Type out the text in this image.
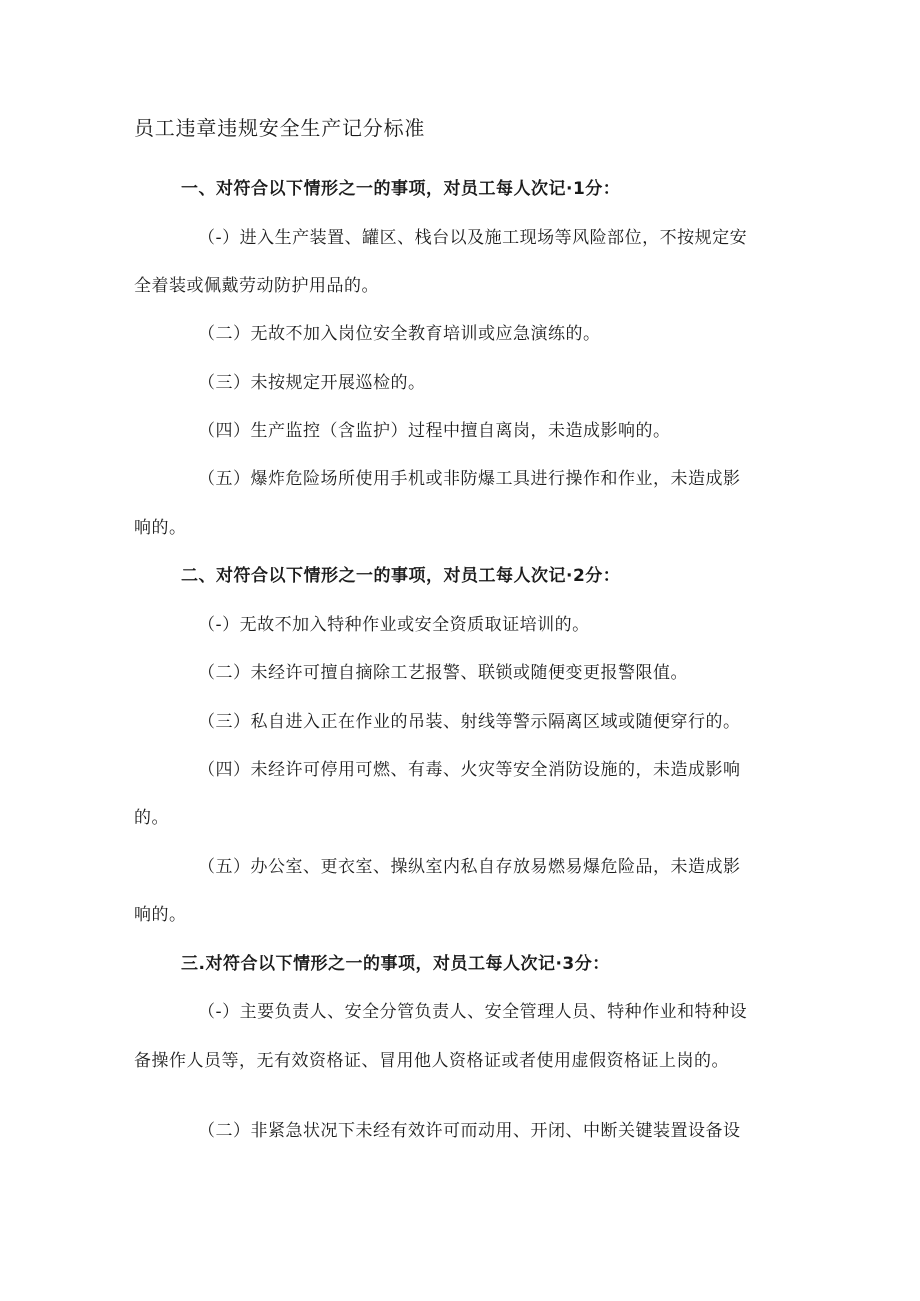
员工违章违规安全生产记分标准
一、对符合以下情形之一的事项，对员工每人次记·1分：
（-）进入生产装置、罐区、栈台以及施工现场等风险部位，不按规定安
全着装或佩戴劳动防护用品的。
（二）无故不加入岗位安全教育培训或应急演练的。
（三）未按规定开展巡检的。
（四）生产监控（含监护）过程中擅自离岗，未造成影响的。
（五）爆炸危险场所使用手机或非防爆工具进行操作和作业，未造成影
响的。
二、对符合以下情形之一的事项，对员工每人次记·2分：
（-）无故不加入特种作业或安全资质取证培训的。
（二）未经许可擅自摘除工艺报警、联锁或随便变更报警限值。
（三）私自进入正在作业的吊装、射线等警示隔离区域或随便穿行的。
（四）未经许可停用可燃、有毒、火灾等安全消防设施的，未造成影响
的。
（五）办公室、更衣室、操纵室内私自存放易燃易爆危险品，未造成影
响的。
三.对符合以下情形之一的事项，对员工每人次记·3分：
（-）主要负责人、安全分管负责人、安全管理人员、特种作业和特种设
备操作人员等，无有效资格证、冒用他人资格证或者使用虚假资格证上岗的。
（二）非紧急状况下未经有效许可而动用、开闭、中断关键装置设备设
